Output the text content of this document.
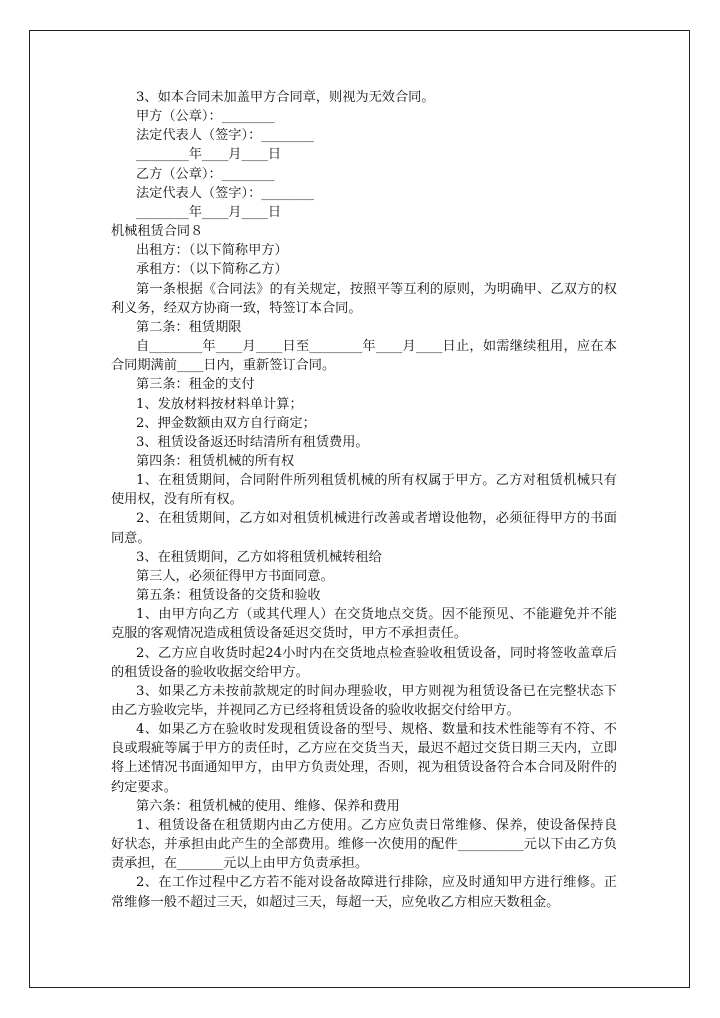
3、如本合同未加盖甲方合同章，则视为无效合同。
甲方（公章）：________
法定代表人（签字）：________
________年____月____日
乙方（公章）：________
法定代表人（签字）：________
________年____月____日
机械租赁合同８
出租方：（以下简称甲方）
承租方：（以下简称乙方）
第一条根据《合同法》的有关规定，按照平等互利的原则，为明确甲、乙双方的权利义务，经双方协商一致，特签订本合同。
第二条：租赁期限
自________年____月____日至________年____月____日止，如需继续租用，应在本合同期满前____日内，重新签订合同。
第三条：租金的支付
1、发放材料按材料单计算；
2、押金数额由双方自行商定；
3、租赁设备返还时结清所有租赁费用。
第四条：租赁机械的所有权
1、在租赁期间，合同附件所列租赁机械的所有权属于甲方。乙方对租赁机械只有使用权，没有所有权。
2、在租赁期间，乙方如对租赁机械进行改善或者增设他物，必须征得甲方的书面同意。
3、在租赁期间，乙方如将租赁机械转租给
第三人，必须征得甲方书面同意。
第五条：租赁设备的交货和验收
1、由甲方向乙方（或其代理人）在交货地点交货。因不能预见、不能避免并不能克服的客观情况造成租赁设备延迟交货时，甲方不承担责任。
2、乙方应自收货时起24小时内在交货地点检查验收租赁设备，同时将签收盖章后的租赁设备的验收收据交给甲方。
3、如果乙方未按前款规定的时间办理验收，甲方则视为租赁设备已在完整状态下由乙方验收完毕，并视同乙方已经将租赁设备的验收收据交付给甲方。
4、如果乙方在验收时发现租赁设备的型号、规格、数量和技术性能等有不符、不良或瑕疵等属于甲方的责任时，乙方应在交货当天，最迟不超过交货日期三天内，立即将上述情况书面通知甲方，由甲方负责处理，否则，视为租赁设备符合本合同及附件的约定要求。
第六条：租赁机械的使用、维修、保养和费用
1、租赁设备在租赁期内由乙方使用。乙方应负责日常维修、保养，使设备保持良好状态，并承担由此产生的全部费用。维修一次使用的配件__________元以下由乙方负责承担，在_______元以上由甲方负责承担。
2、在工作过程中乙方若不能对设备故障进行排除，应及时通知甲方进行维修。正常维修一般不超过三天，如超过三天，每超一天，应免收乙方相应天数租金。
